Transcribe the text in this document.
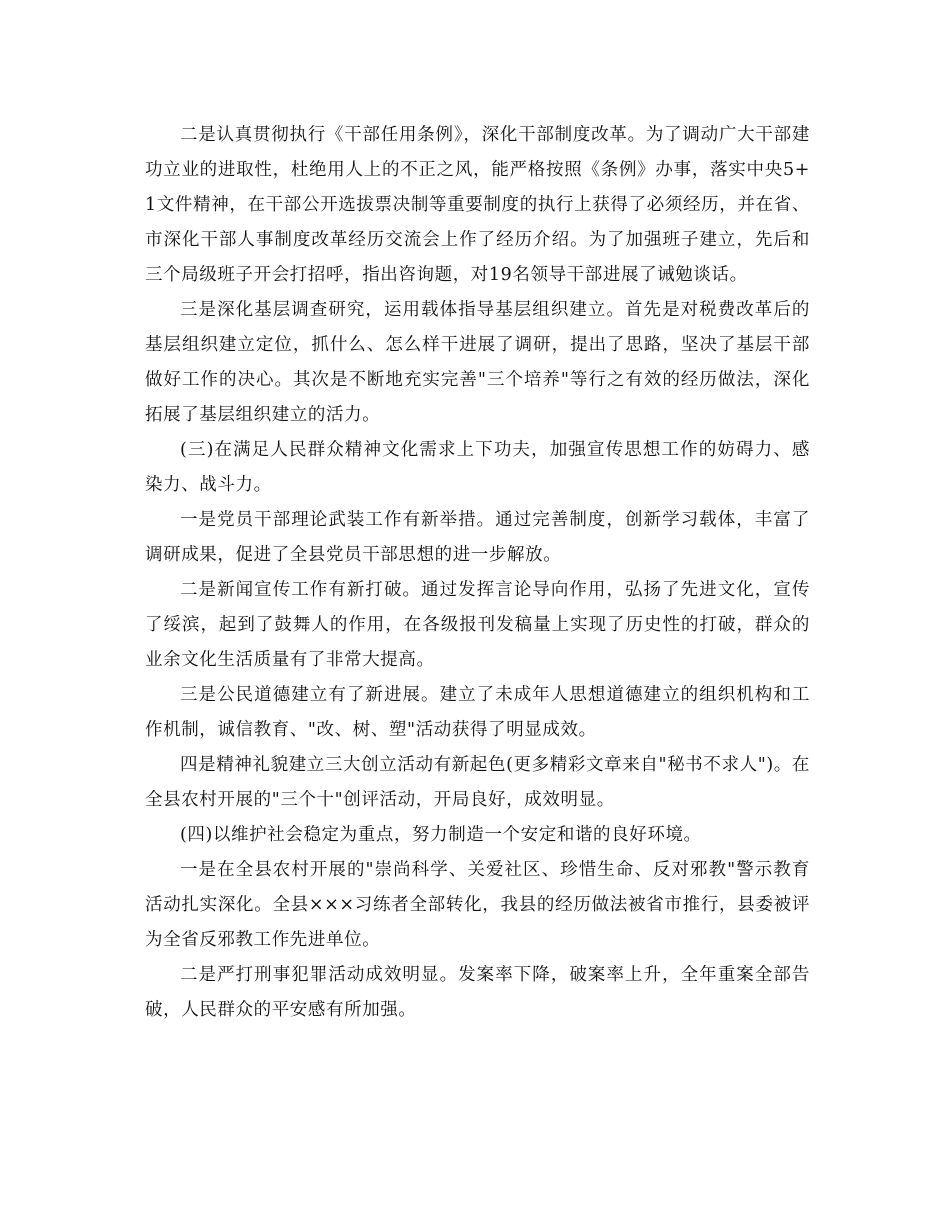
二是认真贯彻执行《干部任用条例》，深化干部制度改革。为了调动广大干部建功立业的进取性，杜绝用人上的不正之风，能严格按照《条例》办事，落实中央5+1文件精神，在干部公开选拔票决制等重要制度的执行上获得了必须经历，并在省、市深化干部人事制度改革经历交流会上作了经历介绍。为了加强班子建立，先后和三个局级班子开会打招呼，指出咨询题，对19名领导干部进展了诫勉谈话。

三是深化基层调查研究，运用载体指导基层组织建立。首先是对税费改革后的基层组织建立定位，抓什么、怎么样干进展了调研，提出了思路，坚决了基层干部做好工作的决心。其次是不断地充实完善"三个培养"等行之有效的经历做法，深化拓展了基层组织建立的活力。

(三)在满足人民群众精神文化需求上下功夫，加强宣传思想工作的妨碍力、感染力、战斗力。

一是党员干部理论武装工作有新举措。通过完善制度，创新学习载体，丰富了调研成果，促进了全县党员干部思想的进一步解放。

二是新闻宣传工作有新打破。通过发挥言论导向作用，弘扬了先进文化，宣传了绥滨，起到了鼓舞人的作用，在各级报刊发稿量上实现了历史性的打破，群众的业余文化生活质量有了非常大提高。

三是公民道德建立有了新进展。建立了未成年人思想道德建立的组织机构和工作机制，诚信教育、"改、树、塑"活动获得了明显成效。

四是精神礼貌建立三大创立活动有新起色(更多精彩文章来自"秘书不求人")。在全县农村开展的"三个十"创评活动，开局良好，成效明显。

(四)以维护社会稳定为重点，努力制造一个安定和谐的良好环境。

一是在全县农村开展的"崇尚科学、关爱社区、珍惜生命、反对邪教"警示教育活动扎实深化。全县×××习练者全部转化，我县的经历做法被省市推行，县委被评为全省反邪教工作先进单位。

二是严打刑事犯罪活动成效明显。发案率下降，破案率上升，全年重案全部告破，人民群众的平安感有所加强。
